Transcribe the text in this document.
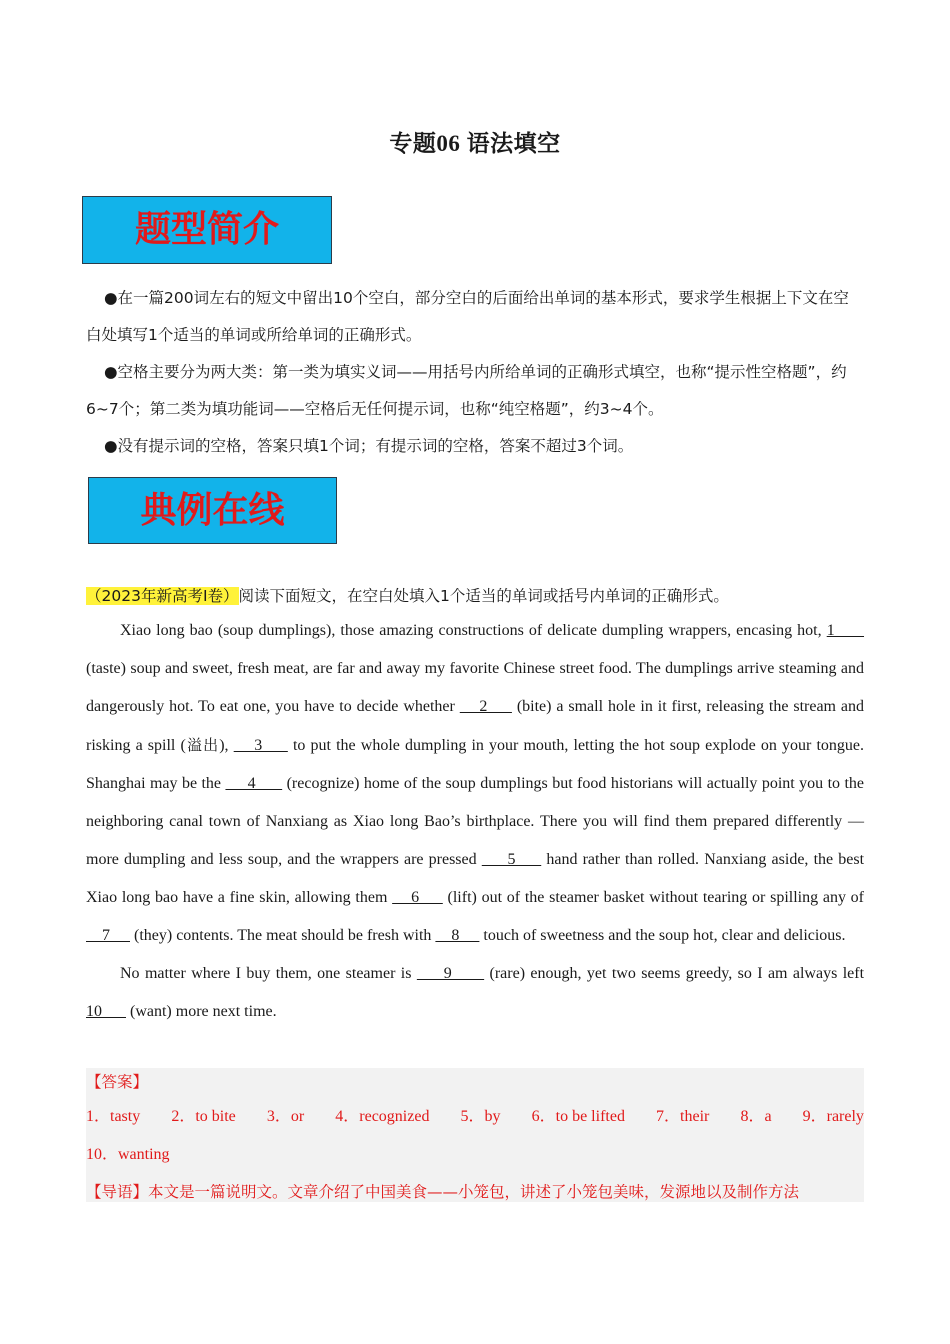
专题06 语法填空
题型简介

●在一篇200词左右的短文中留出10个空白，部分空白的后面给出单词的基本形式，要求学生根据上下文在空白处填写1个适当的单词或所给单词的正确形式。

●空格主要分为两大类：第一类为填实义词——用括号内所给单词的正确形式填空，也称“提示性空格题”，约6~7个；第二类为填功能词——空格后无任何提示词，也称“纯空格题”，约3~4个。

●没有提示词的空格，答案只填1个词；有提示词的空格，答案不超过3个词。

典例在线
（2023年新高考I卷）阅读下面短文，在空白处填入1个适当的单词或括号内单词的正确形式。

Xiao long bao (soup dumplings), those amazing constructions of delicate dumpling wrappers, encasing hot, 1       (taste) soup and sweet, fresh meat, are far and away my favorite Chinese street food. The dumplings arrive steaming and dangerously hot. To eat one, you have to decide whether     2      (bite) a small hole in it first, releasing the stream and risking a spill (溢出),     3      to put the whole dumpling in your mouth, letting the hot soup explode on your tongue. Shanghai may be the      4       (recognize) home of the soup dumplings but food historians will actually point you to the neighboring canal town of Nanxiang as Xiao long Bao’s birthplace. There you will find them prepared differently — more dumpling and less soup, and the wrappers are pressed      5      hand rather than rolled. Nanxiang aside, the best Xiao long bao have a fine skin, allowing them     6      (lift) out of the steamer basket without tearing or spilling any of     7      (they) contents. The meat should be fresh with     8      touch of sweetness and the soup hot, clear and delicious.

No matter where I buy them, one steamer is      9       (rare) enough, yet two seems greedy, so I am always left 10       (want) more next time.

【答案】
1．tasty 2．to bite 3．or 4．recognized 5．by 6．to be lifted 7．their 8．a 9．rarely
10．wanting
【导语】本文是一篇说明文。文章介绍了中国美食——小笼包，讲述了小笼包美味，发源地以及制作方法
